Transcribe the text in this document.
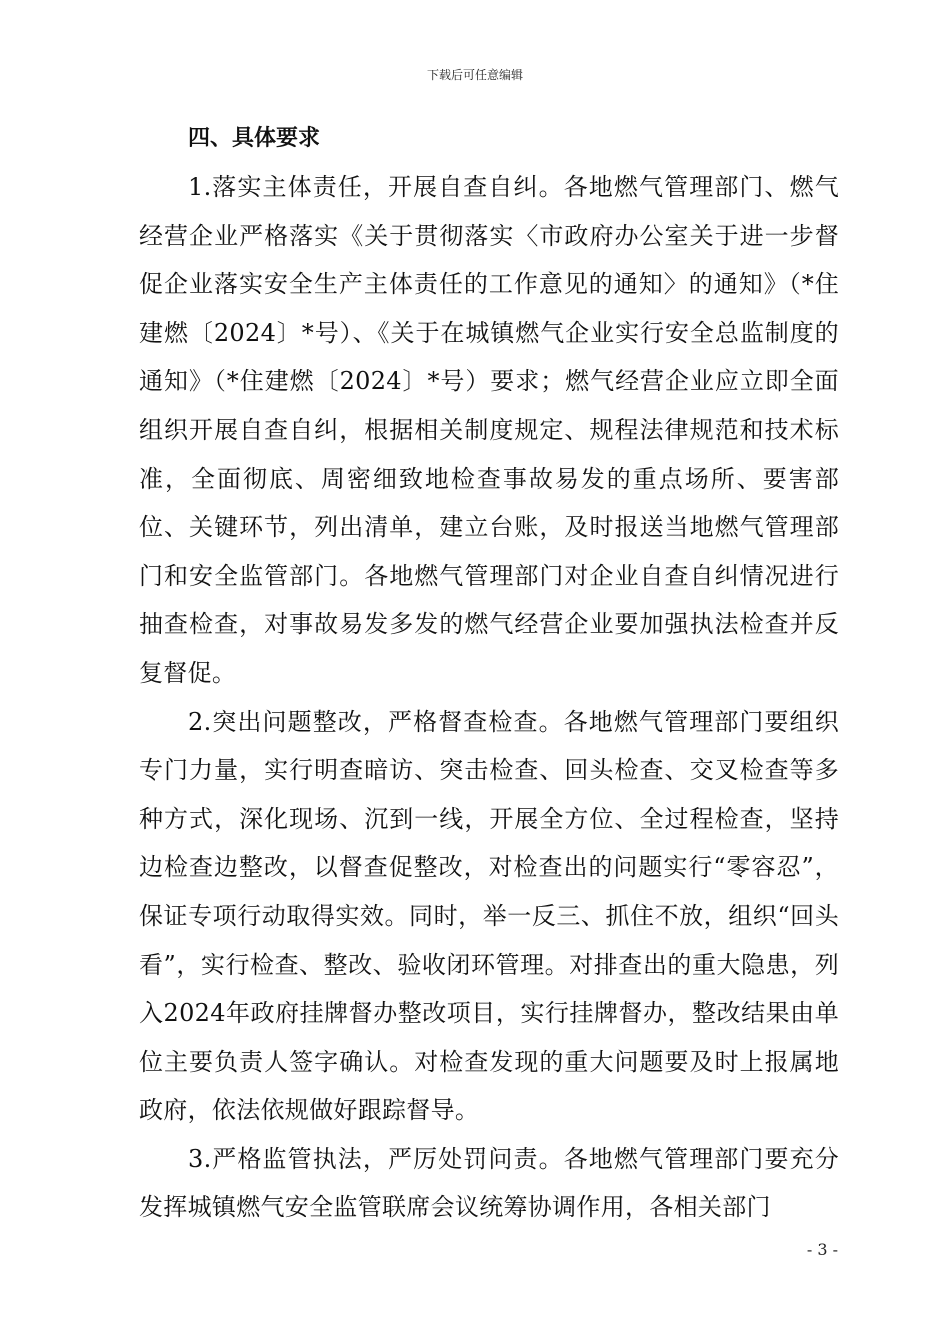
下载后可任意编辑
四、具体要求

1.落实主体责任，开展自查自纠。各地燃气管理部门、燃气经营企业严格落实《关于贯彻落实〈市政府办公室关于进一步督促企业落实安全生产主体责任的工作意见的通知〉的通知》（*住建燃〔2024〕*号）、《关于在城镇燃气企业实行安全总监制度的通知》（*住建燃〔2024〕*号）要求；燃气经营企业应立即全面组织开展自查自纠，根据相关制度规定、规程法律规范和技术标准，全面彻底、周密细致地检查事故易发的重点场所、要害部位、关键环节，列出清单，建立台账，及时报送当地燃气管理部门和安全监管部门。各地燃气管理部门对企业自查自纠情况进行抽查检查，对事故易发多发的燃气经营企业要加强执法检查并反复督促。

2.突出问题整改，严格督查检查。各地燃气管理部门要组织专门力量，实行明查暗访、突击检查、回头检查、交叉检查等多种方式，深化现场、沉到一线，开展全方位、全过程检查，坚持边检查边整改，以督查促整改，对检查出的问题实行“零容忍”，保证专项行动取得实效。同时，举一反三、抓住不放，组织“回头看”，实行检查、整改、验收闭环管理。对排查出的重大隐患，列入2024年政府挂牌督办整改项目，实行挂牌督办，整改结果由单位主要负责人签字确认。对检查发现的重大问题要及时上报属地政府，依法依规做好跟踪督导。

3.严格监管执法，严厉处罚问责。各地燃气管理部门要充分发挥城镇燃气安全监管联席会议统筹协调作用，各相关部门

- 3 -
